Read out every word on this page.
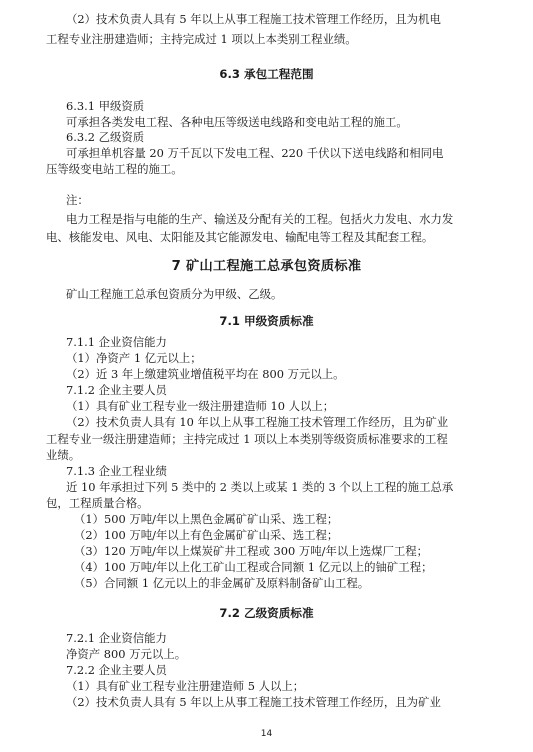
（2）技术负责人具有 5 年以上从事工程施工技术管理工作经历，且为机电
工程专业注册建造师；主持完成过 1 项以上本类别工程业绩。
6.3 承包工程范围
6.3.1 甲级资质
可承担各类发电工程、各种电压等级送电线路和变电站工程的施工。
6.3.2 乙级资质
可承担单机容量 20 万千瓦以下发电工程、220 千伏以下送电线路和相同电
压等级变电站工程的施工。
注：
电力工程是指与电能的生产、输送及分配有关的工程。包括火力发电、水力发
电、核能发电、风电、太阳能及其它能源发电、输配电等工程及其配套工程。
7 矿山工程施工总承包资质标准
矿山工程施工总承包资质分为甲级、乙级。
7.1 甲级资质标准
7.1.1 企业资信能力
（1）净资产 1 亿元以上；
（2）近 3 年上缴建筑业增值税平均在 800 万元以上。
7.1.2 企业主要人员
（1）具有矿业工程专业一级注册建造师 10 人以上；
（2）技术负责人具有 10 年以上从事工程施工技术管理工作经历，且为矿业
工程专业一级注册建造师；主持完成过 1 项以上本类别等级资质标准要求的工程
业绩。
7.1.3 企业工程业绩
近 10 年承担过下列 5 类中的 2 类以上或某 1 类的 3 个以上工程的施工总承
包，工程质量合格。
（1）500 万吨/年以上黑色金属矿矿山采、选工程；
（2）100 万吨/年以上有色金属矿矿山采、选工程；
（3）120 万吨/年以上煤炭矿井工程或 300 万吨/年以上选煤厂工程；
（4）100 万吨/年以上化工矿山工程或合同额 1 亿元以上的铀矿工程；
（5）合同额 1 亿元以上的非金属矿及原料制备矿山工程。
7.2 乙级资质标准
7.2.1 企业资信能力
净资产 800 万元以上。
7.2.2 企业主要人员
（1）具有矿业工程专业注册建造师 5 人以上；
（2）技术负责人具有 5 年以上从事工程施工技术管理工作经历，且为矿业
14
